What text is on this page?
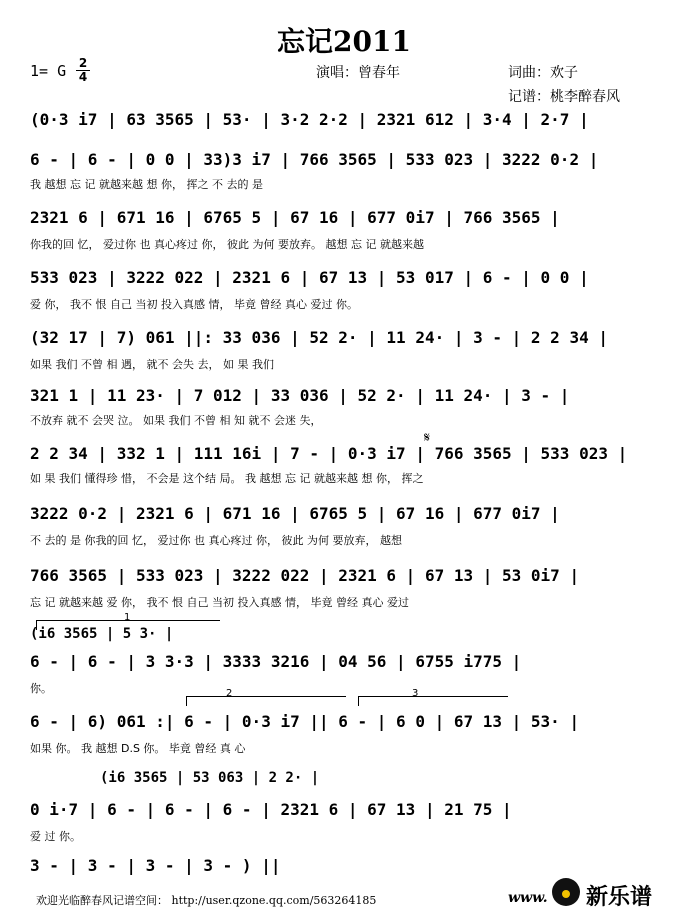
忘记2011
1= G 2
4	演唱：曾春年	词曲：欢子
记谱：桃李醉春风
(0·3 i7 | 63 3565 | 53· | 3·2 2·2 | 2321 612 | 3·4 | 2·7 |
6 - | 6 - | 0 0 | 33)3 i7 | 766 3565 | 533 023 | 3222 0·2 |
我 越想 忘 记 就越来越 想 你， 挥之 不 去的 是
2321 6 | 671 16 | 6765 5 | 67 16 | 677 0i7 | 766 3565 |
你我的回 忆， 爱过你 也 真心疼过 你， 彼此 为何 要放弃。 越想 忘 记 就越来越
533 023 | 3222 022 | 2321 6 | 67 13 | 53 017 | 6 - | 0 0 |
爱 你， 我不 恨 自己 当初 投入真感 情， 毕竟 曾经 真心 爱过 你。
(32 17 | 7) 061 ||: 33 036 | 52 2· | 11 24· | 3 - | 2 2 34 |
如果 我们 不曾 相 遇， 就不 会失 去， 如 果 我们
321 1 | 11 23· | 7 012 | 33 036 | 52 2· | 11 24· | 3 - |
不放弃 就不 会哭 泣。 如果 我们 不曾 相 知 就不 会迷 失，
2 2 34 | 332 1 | 111 16i | 7 - | 0·3 i7 | 766 3565 | 533 023 |
如 果 我们 懂得珍 惜， 不会是 这个结 局。 我 越想 忘 记 就越来越 想 你， 挥之
𝄋
3222 0·2 | 2321 6 | 671 16 | 6765 5 | 67 16 | 677 0i7 |
不 去的 是 你我的回 忆， 爱过你 也 真心疼过 你， 彼此 为何 要放弃， 越想
766 3565 | 533 023 | 3222 022 | 2321 6 | 67 13 | 53 0i7 |
忘 记 就越来越 爱 你， 我不 恨 自己 当初 投入真感 情， 毕竟 曾经 真心 爱过
1
(i6 3565 | 5 3· |
6 - | 6 - | 3 3·3 | 3333 3216 | 04 56 | 6755 i775 |
你。	2	3
6 - | 6) 061 :| 6 - | 0·3 i7 || 6 - | 6 0 | 67 13 | 53· |
如果 你。 我 越想 D.S 你。 毕竟 曾经 真 心
(i6 3565 | 53 063 | 2 2· |
0 i·7 | 6 - | 6 - | 6 - | 2321 6 | 67 13 | 21 75 |
爱 过 你。
3 - | 3 - | 3 - | 3 - ) ||
欢迎光临醉春风记谱空间： http://user.qzone.qq.com/563264185	www. 新乐谱
